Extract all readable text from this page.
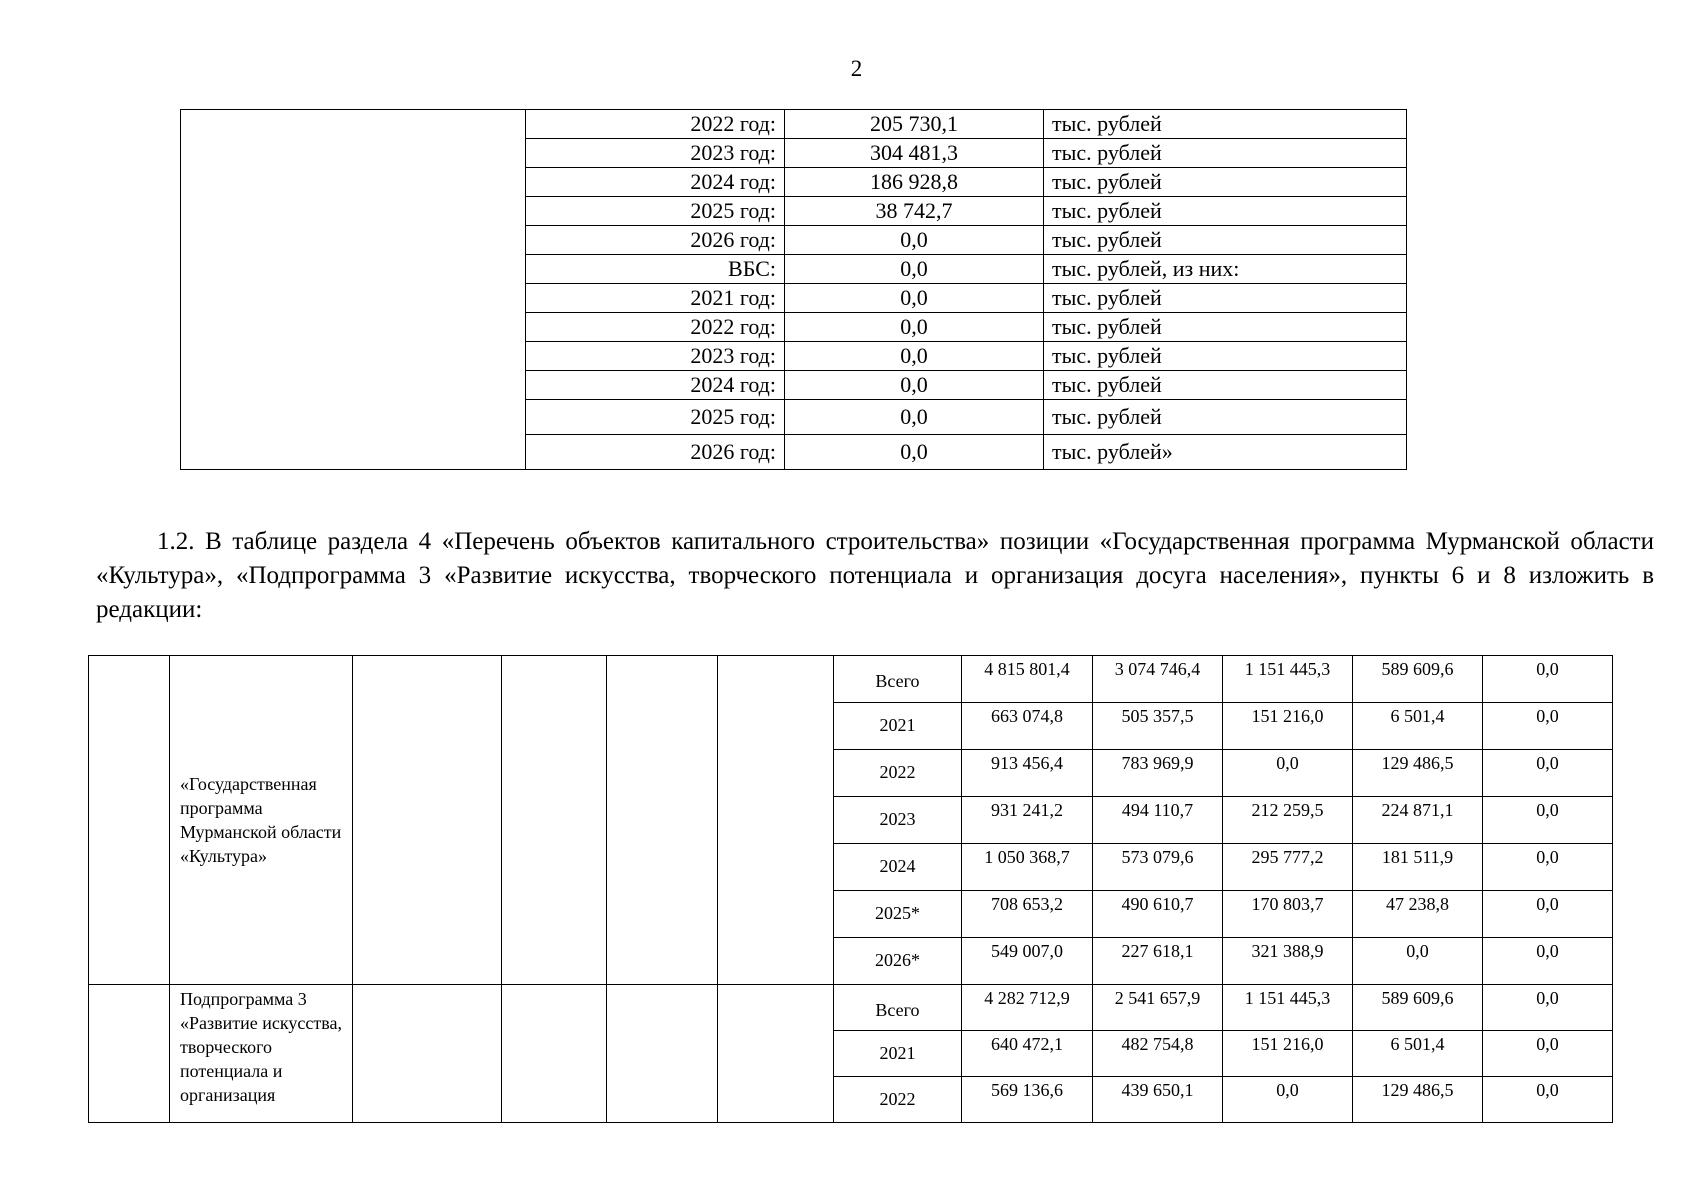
2
	2022 год:	205 730,1	тыс. рублей
	2023 год:	304 481,3	тыс. рублей
	2024 год:	186 928,8	тыс. рублей
	2025 год:	38 742,7	тыс. рублей
	2026 год:	0,0	тыс. рублей
	ВБС:	0,0	тыс. рублей, из них:
	2021 год:	0,0	тыс. рублей
	2022 год:	0,0	тыс. рублей
	2023 год:	0,0	тыс. рублей
	2024 год:	0,0	тыс. рублей
	2025 год:	0,0	тыс. рублей
	2026 год:	0,0	тыс. рублей»

1.2. В таблице раздела 4 «Перечень объектов капитального строительства» позиции «Государственная программа Мурманской области «Культура», «Подпрограмма 3 «Развитие искусства, творческого потенциала и организация досуга населения», пункты 6 и 8 изложить в редакции:

	«Государственная программа Мурманской области «Культура»					Всего	4 815 801,4	3 074 746,4	1 151 445,3	589 609,6	0,0
						2021	663 074,8	505 357,5	151 216,0	6 501,4	0,0
						2022	913 456,4	783 969,9	0,0	129 486,5	0,0
						2023	931 241,2	494 110,7	212 259,5	224 871,1	0,0
						2024	1 050 368,7	573 079,6	295 777,2	181 511,9	0,0
						2025*	708 653,2	490 610,7	170 803,7	47 238,8	0,0
						2026*	549 007,0	227 618,1	321 388,9	0,0	0,0
	Подпрограмма 3 «Развитие искусства, творческого потенциала и организация					Всего	4 282 712,9	2 541 657,9	1 151 445,3	589 609,6	0,0
						2021	640 472,1	482 754,8	151 216,0	6 501,4	0,0
						2022	569 136,6	439 650,1	0,0	129 486,5	0,0
